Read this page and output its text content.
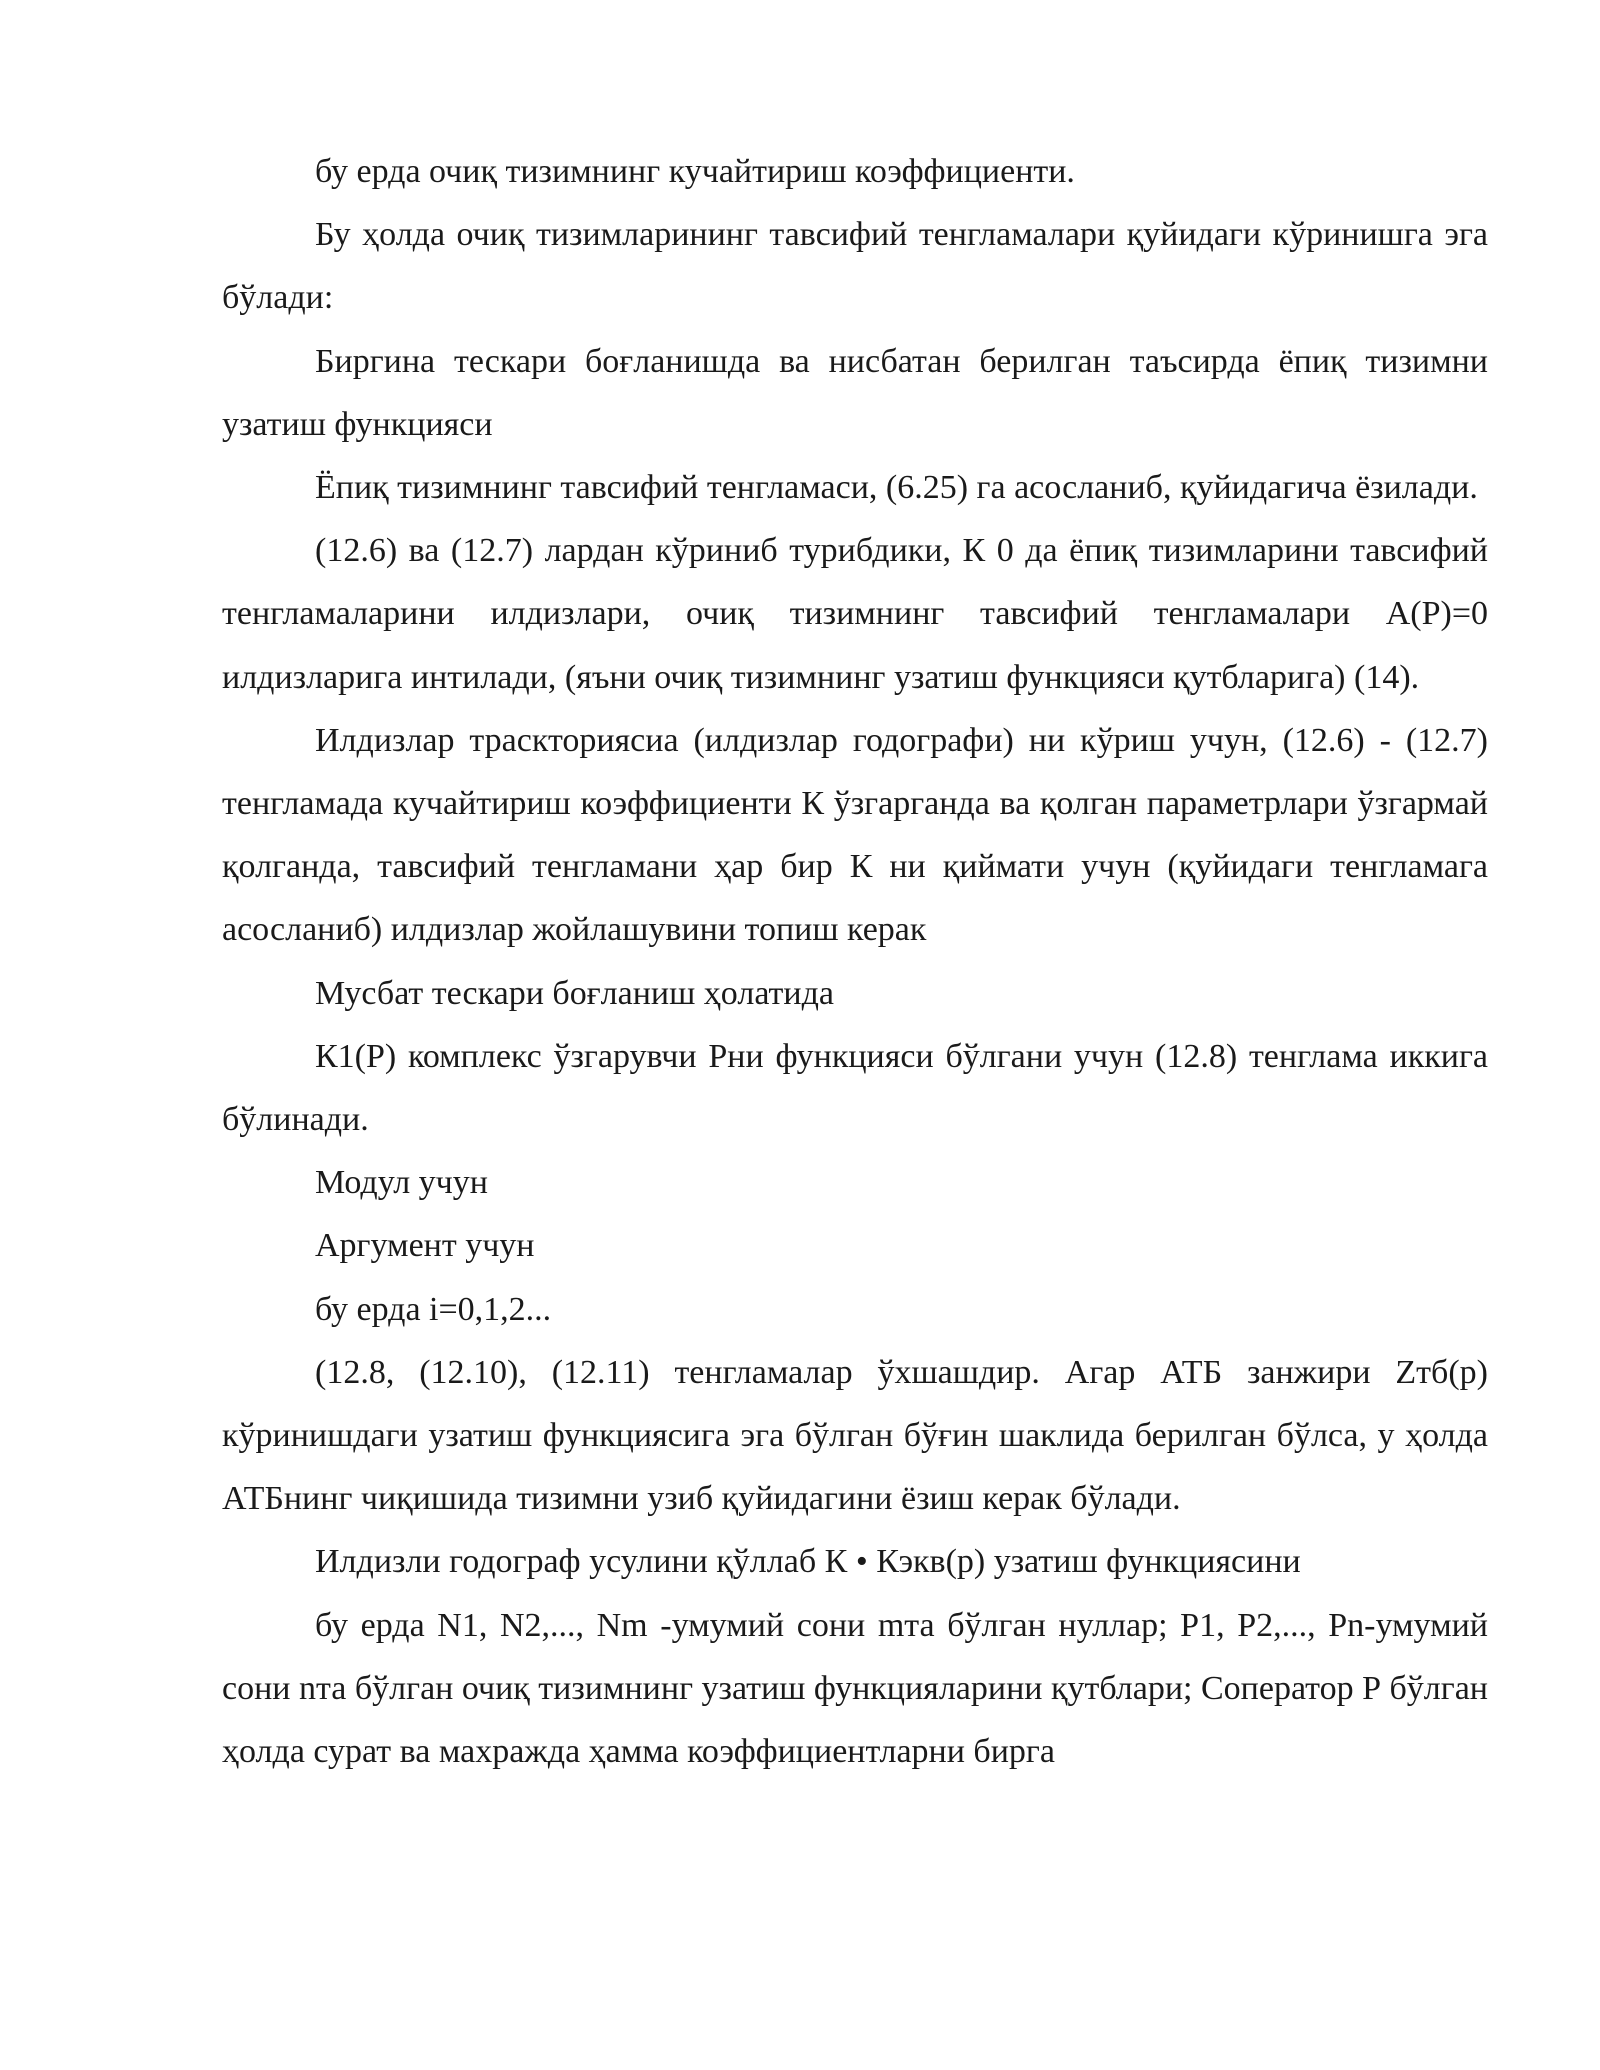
бу ерда очиқ тизимнинг кучайтириш коэффициенти.

Бу ҳолда очиқ тизимларининг тавсифий тенгламалари қуйидаги кўринишга эга бўлади:

Биргина тескари боғланишда ва нисбатан берилган таъсирда ёпиқ тизимни узатиш функцияси

Ёпиқ тизимнинг тавсифий тенгламаси, (6.25) га асосланиб, қуйидагича ёзилади.

(12.6) ва (12.7) лардан кўриниб турибдики, К 0 да ёпиқ тизимларини тавсифий тенгламаларини илдизлари, очиқ тизимнинг тавсифий тенгламалари А(Р)=0 илдизларига интилади, (яъни очиқ тизимнинг узатиш функцияси қутбларига) (14).

Илдизлар траскториясиа (илдизлар годографи) ни кўриш учун, (12.6) - (12.7) тенгламада кучайтириш коэффициенти К ўзгарганда ва қолган параметрлари ўзгармай қолганда, тавсифий тенгламани ҳар бир К ни қиймати учун (қуйидаги тенгламага асосланиб) илдизлар жойлашувини топиш керак

Мусбат тескари боғланиш ҳолатида

К1(Р) комплекс ўзгарувчи Рни функцияси бўлгани учун (12.8) тенглама иккига бўлинади.

Модул учун

Аргумент учун

бу ерда i=0,1,2...

(12.8, (12.10), (12.11) тенгламалар ўхшашдир. Агар АТБ занжири Zтб(р) кўринишдаги узатиш функциясига эга бўлган бўғин шаклида берилган бўлса, у ҳолда АТБнинг чиқишида тизимни узиб қуйидагини ёзиш керак бўлади.

Илдизли годограф усулини қўллаб К • Кэкв(р) узатиш функциясини

бу ерда N1, N2,..., Nm -умумий сони mта бўлган нуллар; P1, P2,..., Pn-умумий сони nта бўлган очиқ тизимнинг узатиш функцияларини қутблари; Соператор Р бўлган ҳолда сурат ва махражда ҳамма коэффициентларни бирга
